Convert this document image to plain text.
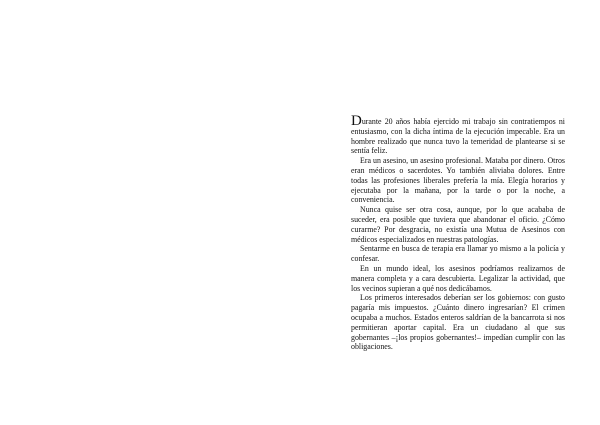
Durante 20 años había ejercido mi trabajo sin contratiempos ni entusiasmo, con la dicha íntima de la ejecución impecable. Era un hombre realizado que nunca tuvo la temeridad de plantearse si se sentía feliz.

Era un asesino, un asesino profesional. Mataba por dinero. Otros eran médicos o sacerdotes. Yo también aliviaba dolores. Entre todas las profesiones liberales prefería la mía. Elegía horarios y ejecutaba por la mañana, por la tarde o por la noche, a conveniencia.

Nunca quise ser otra cosa, aunque, por lo que acababa de suceder, era posible que tuviera que abandonar el oficio. ¿Cómo curarme? Por desgracia, no existía una Mutua de Asesinos con médicos especializados en nuestras patologías.

Sentarme en busca de terapia era llamar yo mismo a la policía y confesar.

En un mundo ideal, los asesinos podríamos realizarnos de manera completa y a cara descubierta. Legalizar la actividad, que los vecinos supieran a qué nos dedicábamos.

Los primeros interesados deberían ser los gobiernos: con gusto pagaría mis impuestos. ¿Cuánto dinero ingresarían? El crimen ocupaba a muchos. Estados enteros saldrían de la bancarrota si nos permitieran aportar capital. Era un ciudadano al que sus gobernantes –¡los propios gobernantes!– impedían cumplir con las obligaciones.
